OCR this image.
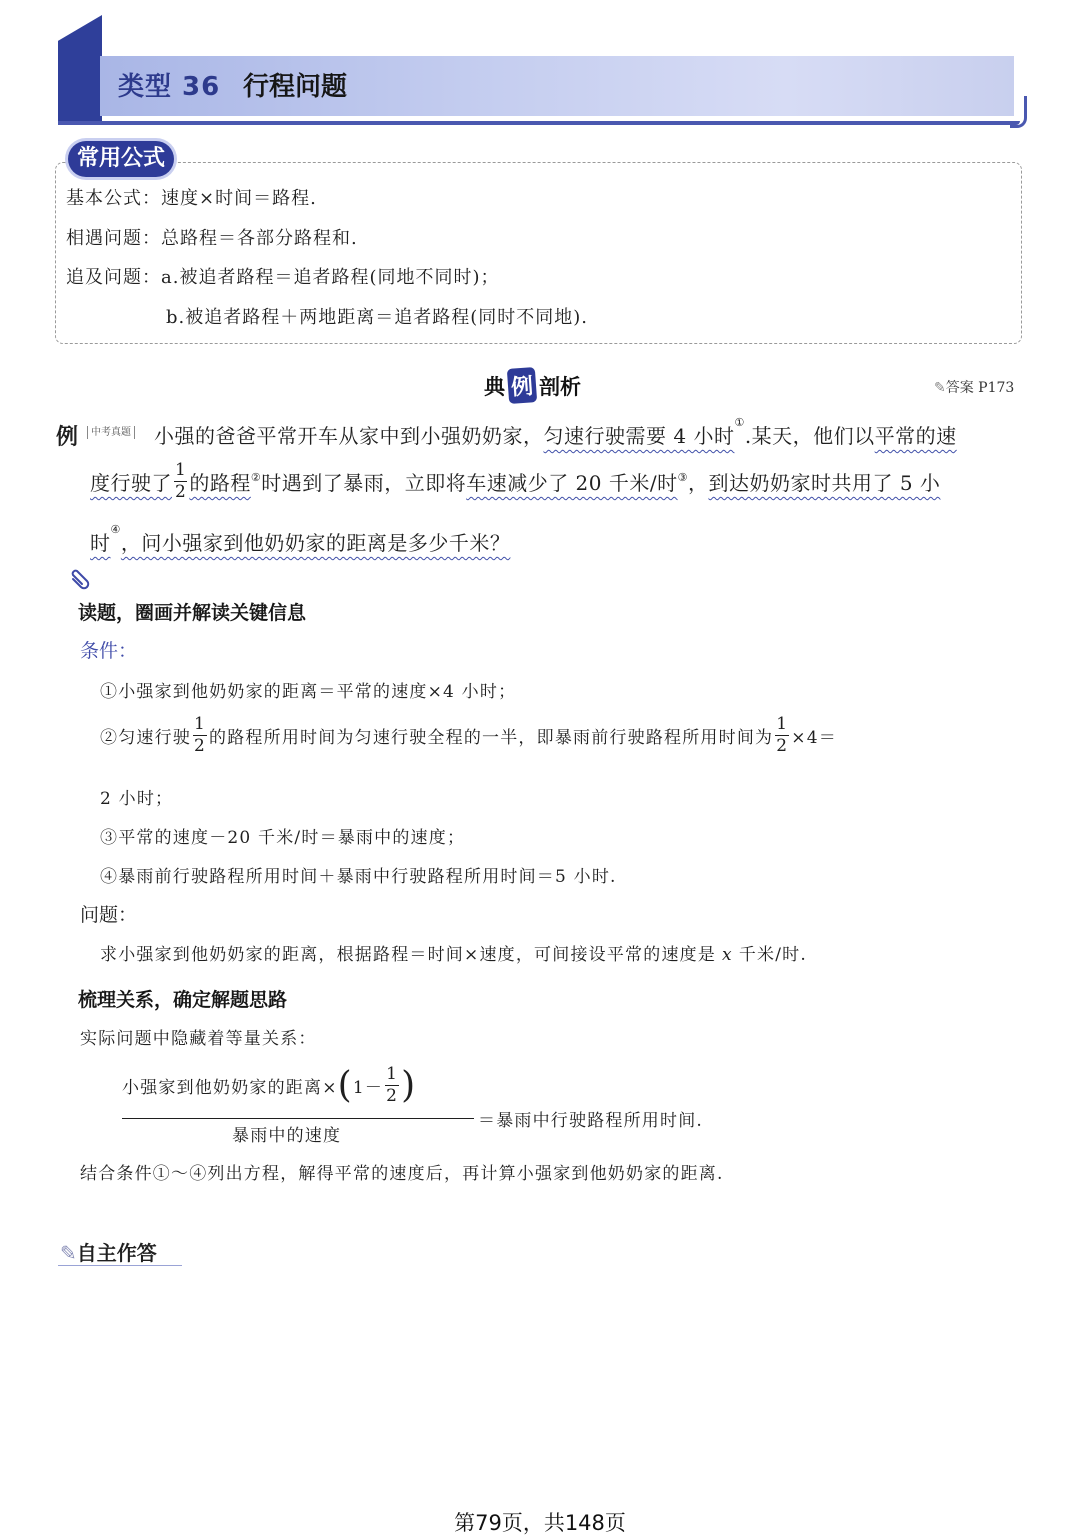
类型 36 行程问题
常用公式
基本公式：速度×时间＝路程.
相遇问题：总路程＝各部分路程和.
追及问题：a.被追者路程＝追者路程(同地不同时)；
b.被追者路程＋两地距离＝追者路程(同时不同地).
典 例 剖析	✎答案 P173
例	中考真题 小强的爸爸平常开车从家中到小强奶奶家，匀速行驶需要 4 小时①.某天，他们以平常的速
度行驶了 $\frac{1}{2}$ 的路程② 时遇到了暴雨，立即将 车速减少了 20 千米/时③ ， 到达奶奶家时共用了 5 小
时④，问小强家到他奶奶家的距离是多少千米？
读题，圈画并解读关键信息
条件：
①小强家到他奶奶家的距离＝平常的速度×4 小时；
②匀速行驶 $\frac{1}{2}$ 的路程所用时间为匀速行驶全程的一半，即暴雨前行驶路程所用时间为 $\frac{1}{2} \times 4=$
2 小时；
③平常的速度－20 千米/时＝暴雨中的速度；
④暴雨前行驶路程所用时间＋暴雨中行驶路程所用时间＝5 小时.
问题：
求小强家到他奶奶家的距离，根据路程＝时间×速度，可间接设平常的速度是 x 千米/时.
梳理关系，确定解题思路
实际问题中隐藏着等量关系：
小强家到他奶奶家的距离× ( $1- \frac{1}{2}$ )
暴雨中的速度
＝暴雨中行驶路程所用时间.
结合条件①～④列出方程，解得平常的速度后，再计算小强家到他奶奶家的距离.
✎自主作答
第79页，共148页
